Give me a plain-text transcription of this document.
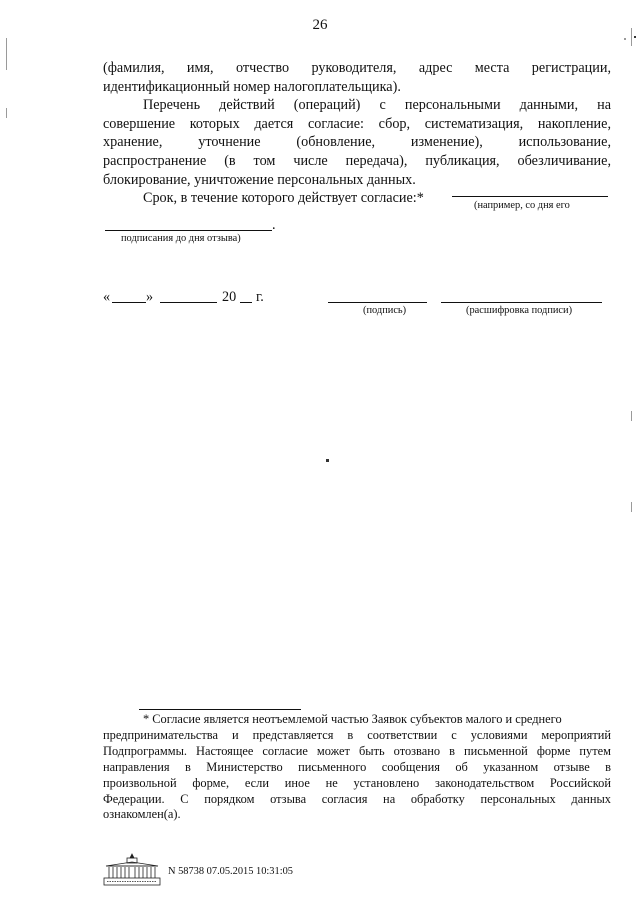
26
(фамилия, имя, отчество руководителя, адрес места регистрации,
идентификационный номер налогоплательщика).
Перечень действий (операций) с персональными данными, на
совершение которых дается согласие: сбор, систематизация, накопление,
хранение, уточнение (обновление, изменение), использование,
распространение (в том числе передача), публикация, обезличивание,
блокирование, уничтожение персональных данных.
Срок, в течение которого действует согласие:*	(например, со дня его
.
подписания до дня отзыва)
«	»	20 г.
(подпись)	(расшифровка подписи)
* Согласие является неотъемлемой частью Заявок субъектов малого и среднего
предпринимательства и представляется в соответствии с условиями мероприятий
Подпрограммы. Настоящее согласие может быть отозвано в письменной форме путем
направления в Министерство письменного сообщения об указанном отзыве в
произвольной форме, если иное не установлено законодательством Российской
Федерации. С порядком отзыва согласия на обработку персональных данных
ознакомлен(а).
N 58738 07.05.2015 10:31:05
